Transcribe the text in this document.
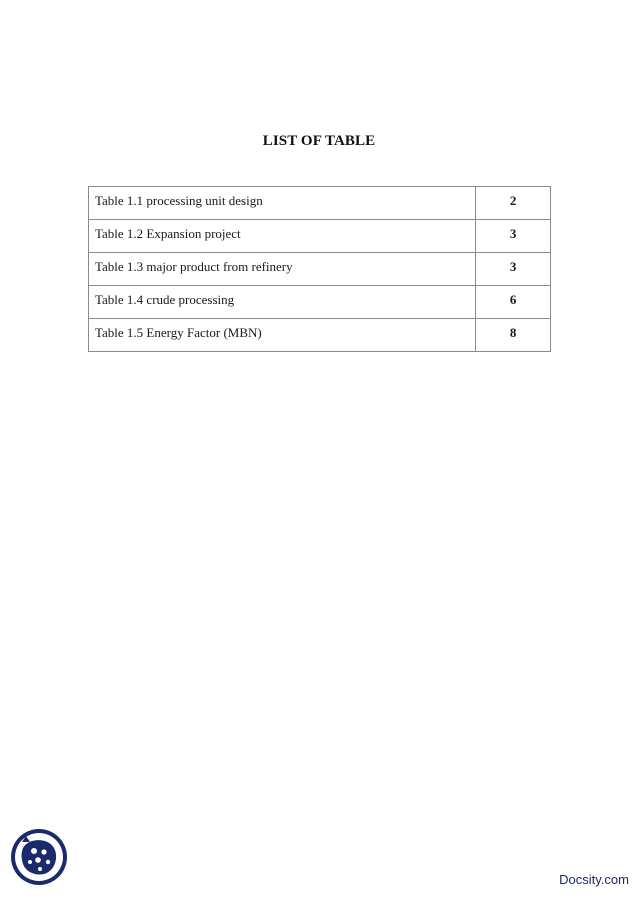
LIST OF TABLE
Table 1.1 processing unit design	2
Table 1.2 Expansion project	3
Table 1.3 major product from refinery	3
Table 1.4 crude processing	6
Table 1.5 Energy Factor (MBN)	8
Docsity.com
